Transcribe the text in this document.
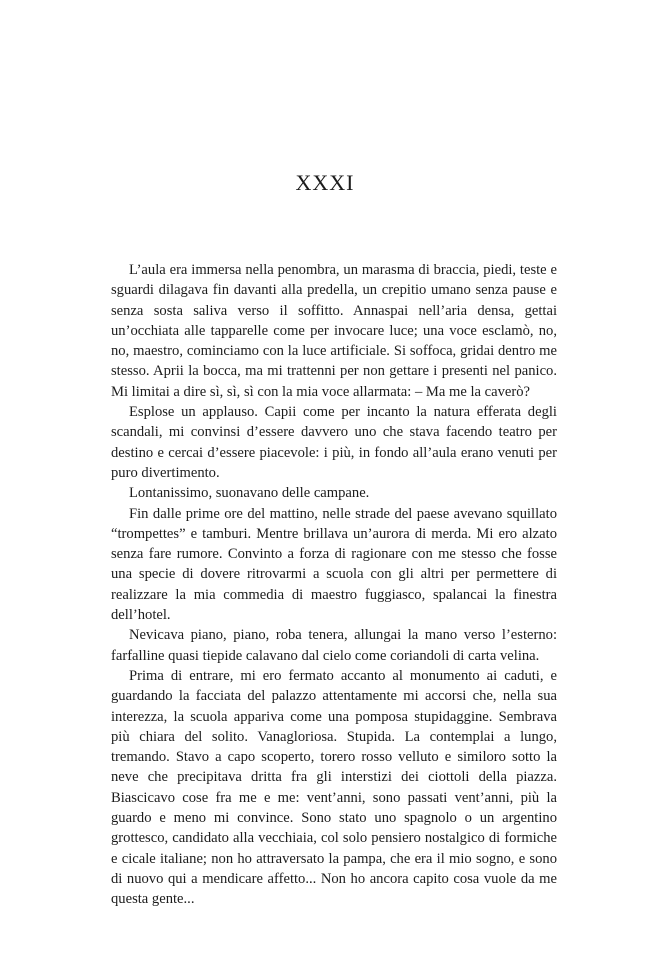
XXXI

L’aula era immersa nella penombra, un marasma di braccia, piedi, teste e sguardi dilagava fin davanti alla predella, un crepitio umano senza pause e senza sosta saliva verso il soffitto. Annaspai nell’aria densa, gettai un’occhiata alle tapparelle come per invocare luce; una voce esclamò, no, no, maestro, cominciamo con la luce artificiale. Si soffoca, gridai dentro me stesso. Aprii la bocca, ma mi trattenni per non gettare i presenti nel panico. Mi limitai a dire sì, sì, sì con la mia voce allarmata: – Ma me la caverò?

Esplose un applauso. Capii come per incanto la natura efferata degli scandali, mi convinsi d’essere davvero uno che stava facendo teatro per destino e cercai d’essere piacevole: i più, in fondo all’aula erano venuti per puro divertimento.

Lontanissimo, suonavano delle campane.

Fin dalle prime ore del mattino, nelle strade del paese avevano squillato “trompettes” e tamburi. Mentre brillava un’aurora di merda. Mi ero alzato senza fare rumore. Convinto a forza di ragionare con me stesso che fosse una specie di dovere ritrovarmi a scuola con gli altri per permettere di realizzare la mia commedia di maestro fuggiasco, spalancai la finestra dell’hotel.

Nevicava piano, piano, roba tenera, allungai la mano verso l’esterno: farfalline quasi tiepide calavano dal cielo come coriandoli di carta velina.

Prima di entrare, mi ero fermato accanto al monumento ai caduti, e guardando la facciata del palazzo attentamente mi accorsi che, nella sua interezza, la scuola appariva come una pomposa stupidaggine. Sembrava più chiara del solito. Vanagloriosa. Stupida. La contemplai a lungo, tremando. Stavo a capo scoperto, torero rosso velluto e similoro sotto la neve che precipitava dritta fra gli interstizi dei ciottoli della piazza. Biascicavo cose fra me e me: vent’anni, sono passati vent’anni, più la guardo e meno mi convince. Sono stato uno spagnolo o un argentino grottesco, candidato alla vecchiaia, col solo pensiero nostalgico di formiche e cicale italiane; non ho attraversato la pampa, che era il mio sogno, e sono di nuovo qui a mendicare affetto... Non ho ancora capito cosa vuole da me questa gente...
